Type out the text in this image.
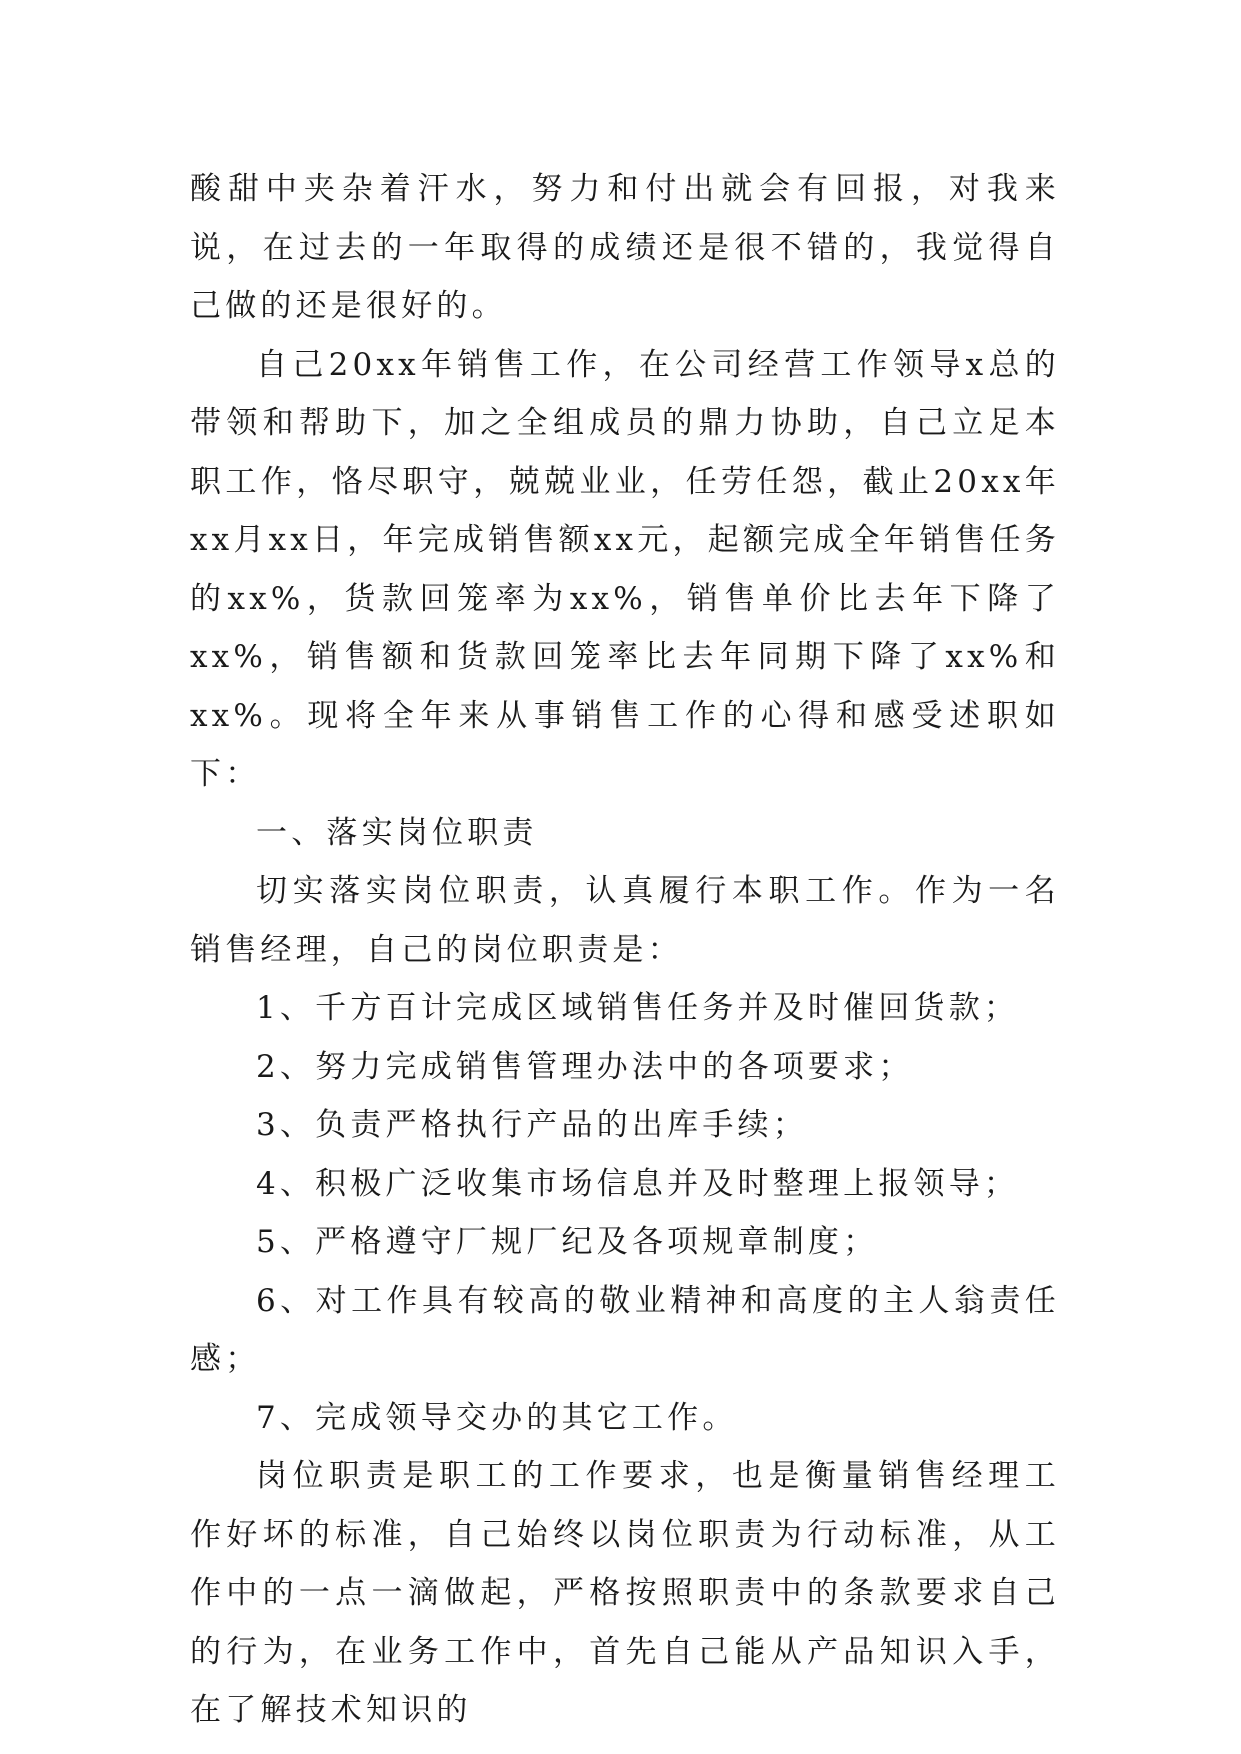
酸甜中夹杂着汗水，努力和付出就会有回报，对我来说，在过去的一年取得的成绩还是很不错的，我觉得自己做的还是很好的。

自己20xx年销售工作，在公司经营工作领导x总的带领和帮助下，加之全组成员的鼎力协助，自己立足本职工作，恪尽职守，兢兢业业，任劳任怨，截止20xx年xx月xx日，年完成销售额xx元，起额完成全年销售任务的xx%，货款回笼率为xx%，销售单价比去年下降了xx%，销售额和货款回笼率比去年同期下降了xx%和xx%。现将全年来从事销售工作的心得和感受述职如下：

一、落实岗位职责

切实落实岗位职责，认真履行本职工作。作为一名销售经理，自己的岗位职责是：

1、千方百计完成区域销售任务并及时催回货款；

2、努力完成销售管理办法中的各项要求；

3、负责严格执行产品的出库手续；

4、积极广泛收集市场信息并及时整理上报领导；

5、严格遵守厂规厂纪及各项规章制度；

6、对工作具有较高的敬业精神和高度的主人翁责任感；

7、完成领导交办的其它工作。

岗位职责是职工的工作要求，也是衡量销售经理工作好坏的标准，自己始终以岗位职责为行动标准，从工作中的一点一滴做起，严格按照职责中的条款要求自己的行为，在业务工作中，首先自己能从产品知识入手，在了解技术知识的
